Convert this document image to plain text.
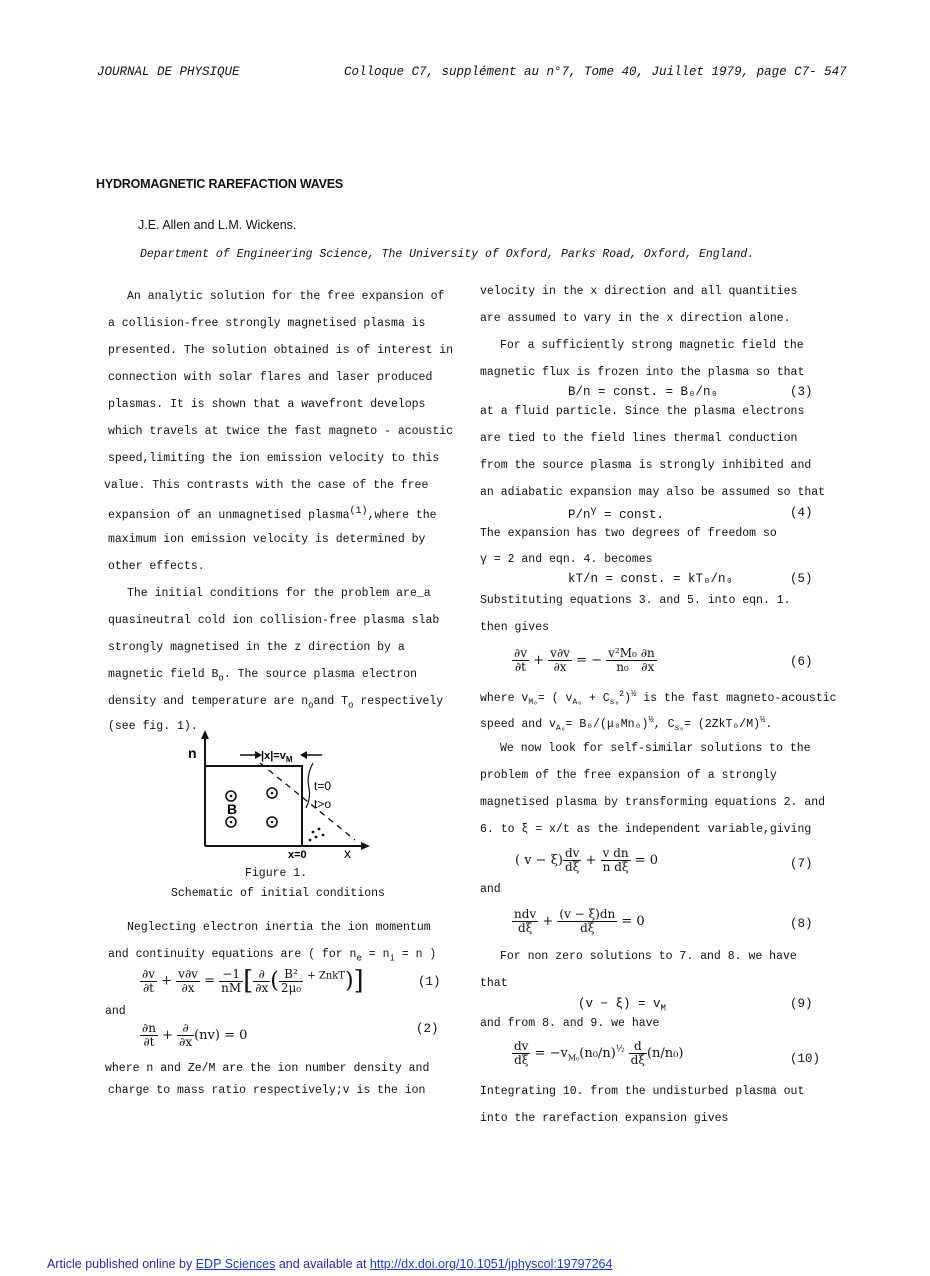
JOURNAL DE PHYSIQUE	Colloque C7, supplément au n°7, Tome 40, Juillet 1979, page C7- 547
HYDROMAGNETIC RAREFACTION WAVES
J.E. Allen and L.M. Wickens.
Department of Engineering Science, The University of Oxford, Parks Road, Oxford, England.
An analytic solution for the free expansion of
a collision-free strongly magnetised plasma is
presented. The solution obtained is of interest in
connection with solar flares and laser produced
plasmas. It is shown that a wavefront develops
which travels at twice the fast magneto - acoustic
speed,limiting the ion emission velocity to this
value. This contrasts with the case of the free
expansion of an unmagnetised plasma$^{(1)}$,where the
maximum ion emission velocity is determined by
other effects.
The initial conditions for the problem are_a
quasineutral cold ion collision-free plasma slab
strongly magnetised in the z direction by a
magnetic field $B_o$. The source plasma electron
density and temperature are $n_oand$ $T_o$ respectively
(see fig. 1).
n
x
x=0
$|x|=v_M$
t=0
t>o
B
Figure 1.
Schematic of initial conditions
Neglecting electron inertia the ion momentum
and continuity equations are ( for $n_e = n_i = n$ )
$\frac{\partial v}{\partial t} + \frac{v\partial v}{\partial x} = \frac{-1}{nM}$ [ $\frac{\partial}{\partial x}$ ( $\frac{\text{B²}}{\text{2μ₀}} ^{+ ZnkT}$)]	(1)
and
$\frac{\partial n}{\partial t} + \frac{\partial}{\partial x} (nv) = 0$	(2)
where n and Ze/M are the ion number density and
charge to mass ratio respectively;v is the ion
velocity in the x direction and all quantities
are assumed to vary in the x direction alone.
For a sufficiently strong magnetic field the
magnetic flux is frozen into the plasma so that
B/n = const. = B₀/n₀	(3)
at a fluid particle. Since the plasma electrons
are tied to the field lines thermal conduction
from the source plasma is strongly inhibited and
an adiabatic expansion may also be assumed so that
$P/n^\gamma$ = const.	(4)
The expansion has two degrees of freedom so
γ = 2 and eqn. 4. becomes
kT/n = const. = kT₀/n₀	(5)
Substituting equations 3. and 5. into eqn. 1.
then gives
$\frac{\partial v}{\partial t} + \frac{v\partial v}{\partial x}$ = − $\frac{\text{v²M₀}}{\text{n₀}} \frac{\partial n}{\partial x}$	(6)
where $v_{M_0}=$ ( $v_{A_0} + C_{s_0}^2)^{\frac{1}{2}}$ is the fast magneto-acoustic
speed and $v_{A_0}= B_0/(\mu_0Mn_0)^{\frac{1}{2}}$, $C_{s_0}= (2ZkT_0/M)^{\frac{1}{2}}$.
We now look for self-similar solutions to the
problem of the free expansion of a strongly
magnetised plasma by transforming equations 2. and
6. to ξ = x/t as the independent variable,giving
( $v - \xi) \frac{dv}{d\xi} + \frac{\text{v dn}}{\text{n dξ}} = 0$	(7)
and
$\frac{\text{ndv}}{d\xi} + \frac{(v - \xi)dn}{d\xi} = 0$	(8)
For non zero solutions to 7. and 8. we have
that
$(v - \xi) = v_M$	(9)
and from 8. and 9. we have
$\frac{dv}{d\xi} = -v_{M_0}(n_0/n)^{\frac{1}{2}} \frac{d}{d\xi} (n/n_0)$	(10)
Integrating 10. from the undisturbed plasma out
into the rarefaction expansion gives
Article published online by EDP Sciences and available at http://dx.doi.org/10.1051/jphyscol:19797264
